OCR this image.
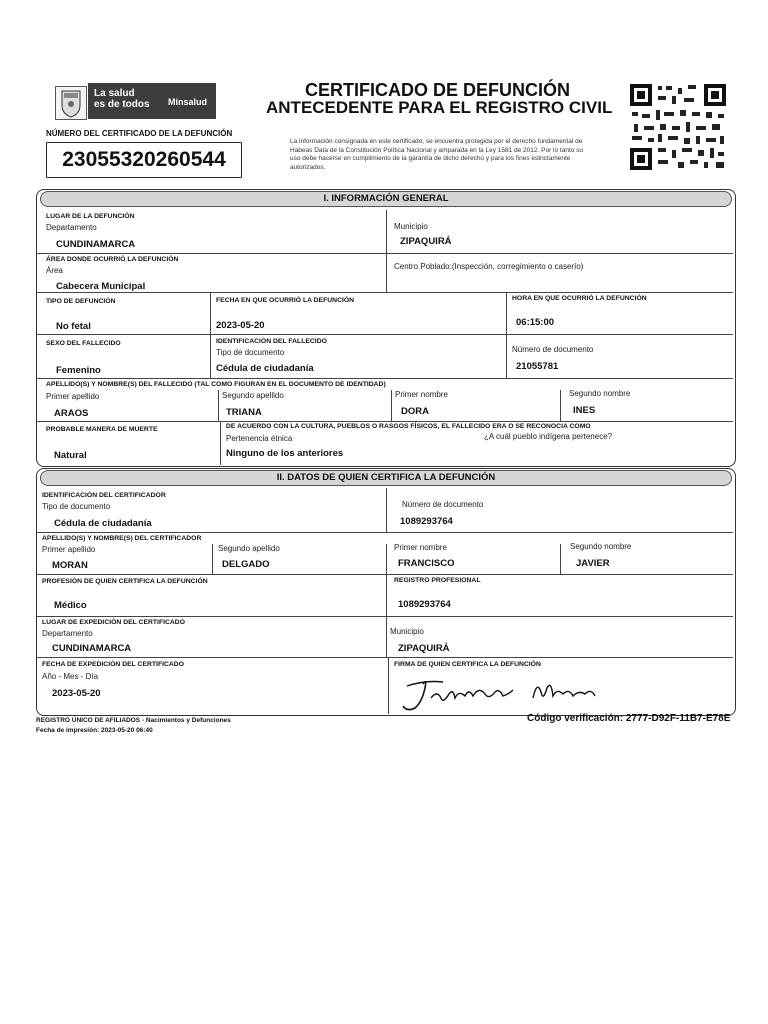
La salud
es de todos	Minsalud
NÚMERO DEL CERTIFICADO DE LA DEFUNCIÓN
23055320260544
CERTIFICADO DE DEFUNCIÓN
ANTECEDENTE PARA EL REGISTRO CIVIL
La información consignada en este certificado, se encuentra protegida por el derecho fundamental de Habeas Data de la Constitución Política Nacional y amparada en la Ley 1581 de 2012. Por lo tanto su uso debe hacerse en cumplimiento de la garantía de dicho derecho y para los fines estrictamente autorizados.
I. INFORMACIÓN GENERAL
LUGAR DE LA DEFUNCIÓN
Departamento
CUNDINAMARCA
Municipio
ZIPAQUIRÁ
ÁREA DONDE OCURRIÓ LA DEFUNCIÓN
Área
Cabecera Municipal
Centro Poblado:(Inspección, corregimiento o caserío)
TIPO DE DEFUNCIÓN
No fetal
FECHA EN QUE OCURRIÓ LA DEFUNCIÓN
2023-05-20
HORA EN QUE OCURRIÓ LA DEFUNCIÓN
06:15:00
SEXO DEL FALLECIDO
Femenino
IDENTIFICACIÓN DEL FALLECIDO
Tipo de documento
Cédula de ciudadanía
Número de documento
21055781
APELLIDO(S) Y NOMBRE(S) DEL FALLECIDO (TAL COMO FIGURAN EN EL DOCUMENTO DE IDENTIDAD)
Primer apellido
ARAOS
Segundo apellido
TRIANA
Primer nombre
DORA
Segundo nombre
INES
PROBABLE MANERA DE MUERTE
Natural
DE ACUERDO CON LA CULTURA, PUEBLOS O RASGOS FÍSICOS, EL FALLECIDO ERA O SE RECONOCIA COMO
Pertenencia étnica
Ninguno de los anteriores
¿A cuál pueblo indígena pertenece?
II. DATOS DE QUIEN CERTIFICA LA DEFUNCIÓN
IDENTIFICACIÓN DEL CERTIFICADOR
Tipo de documento
Cédula de ciudadanía
Número de documento
1089293764
APELLIDO(S) Y NOMBRE(S) DEL CERTIFICADOR
Primer apellido
MORAN
Segundo apellido
DELGADO
Primer nombre
FRANCISCO
Segundo nombre
JAVIER
PROFESIÓN DE QUIEN CERTIFICA LA DEFUNCIÓN
Médico
REGISTRO PROFESIONAL
1089293764
LUGAR DE EXPEDICIÓN DEL CERTIFICADO
Departamento
CUNDINAMARCA
Municipio
ZIPAQUIRÁ
FECHA DE EXPEDICIÓN DEL CERTIFICADO
Año - Mes - Día
2023-05-20
FIRMA DE QUIEN CERTIFICA LA DEFUNCIÓN
REGISTRO ÚNICO DE AFILIADOS - Nacimientos y Defunciones
Fecha de impresión: 2023-05-20 06:40
Código verificación: 2777-D92F-11B7-E78E
